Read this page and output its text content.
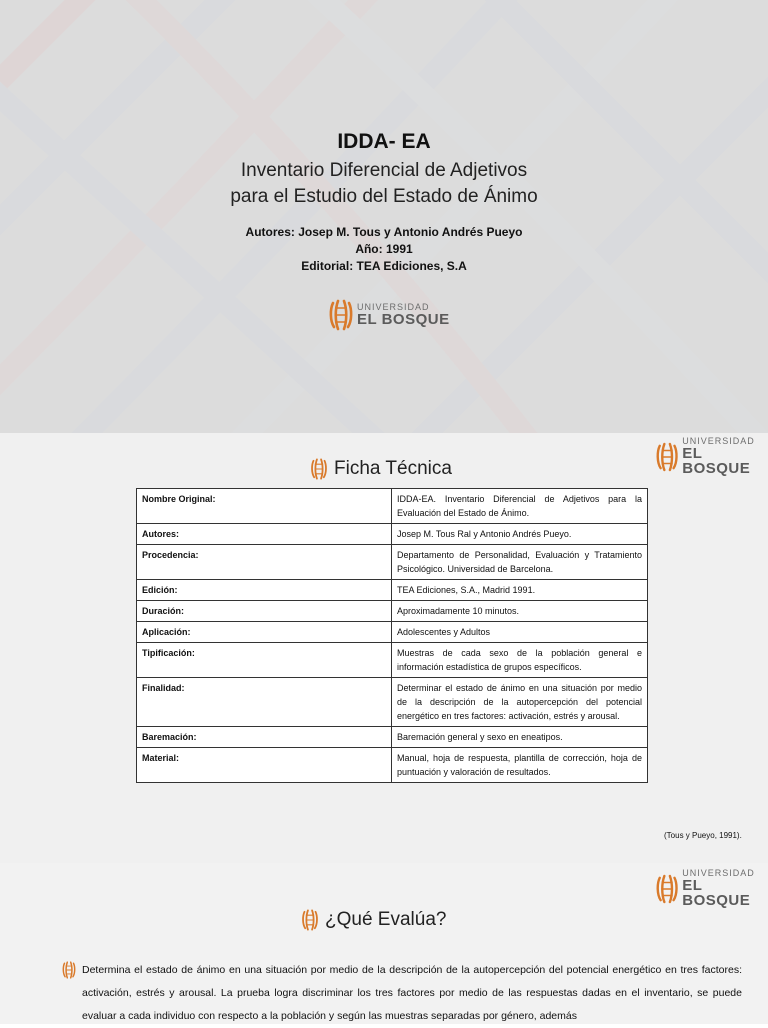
IDDA- EA
Inventario Diferencial de Adjetivos
para el Estudio del Estado de Ánimo
Autores: Josep M. Tous y Antonio Andrés Pueyo
Año: 1991
Editorial: TEA Ediciones, S.A
UNIVERSIDAD
EL BOSQUE
UNIVERSIDAD
EL BOSQUE
Ficha Técnica
Nombre Original:	IDDA-EA. Inventario Diferencial de Adjetivos para la Evaluación del Estado de Ánimo.
Autores:	Josep M. Tous Ral y Antonio Andrés Pueyo.
Procedencia:	Departamento de Personalidad, Evaluación y Tratamiento Psicológico. Universidad de Barcelona.
Edición:	TEA Ediciones, S.A., Madrid 1991.
Duración:	Aproximadamente 10 minutos.
Aplicación:	Adolescentes y Adultos
Tipificación:	Muestras de cada sexo de la población general e información estadística de grupos específicos.
Finalidad:	Determinar el estado de ánimo en una situación por medio de la descripción de la autopercepción del potencial energético en tres factores: activación, estrés y arousal.
Baremación:	Baremación general y sexo en eneatipos.
Material:	Manual, hoja de respuesta, plantilla de corrección, hoja de puntuación y valoración de resultados.
(Tous y Pueyo, 1991).
UNIVERSIDAD
EL BOSQUE
¿Qué Evalúa?
Determina el estado de ánimo en una situación por medio de la descripción de la autopercepción del potencial energético en tres factores: activación, estrés y arousal. La prueba logra discriminar los tres factores por medio de las respuestas dadas en el inventario, se puede evaluar a cada individuo con respecto a la población y según las muestras separadas por género, además
